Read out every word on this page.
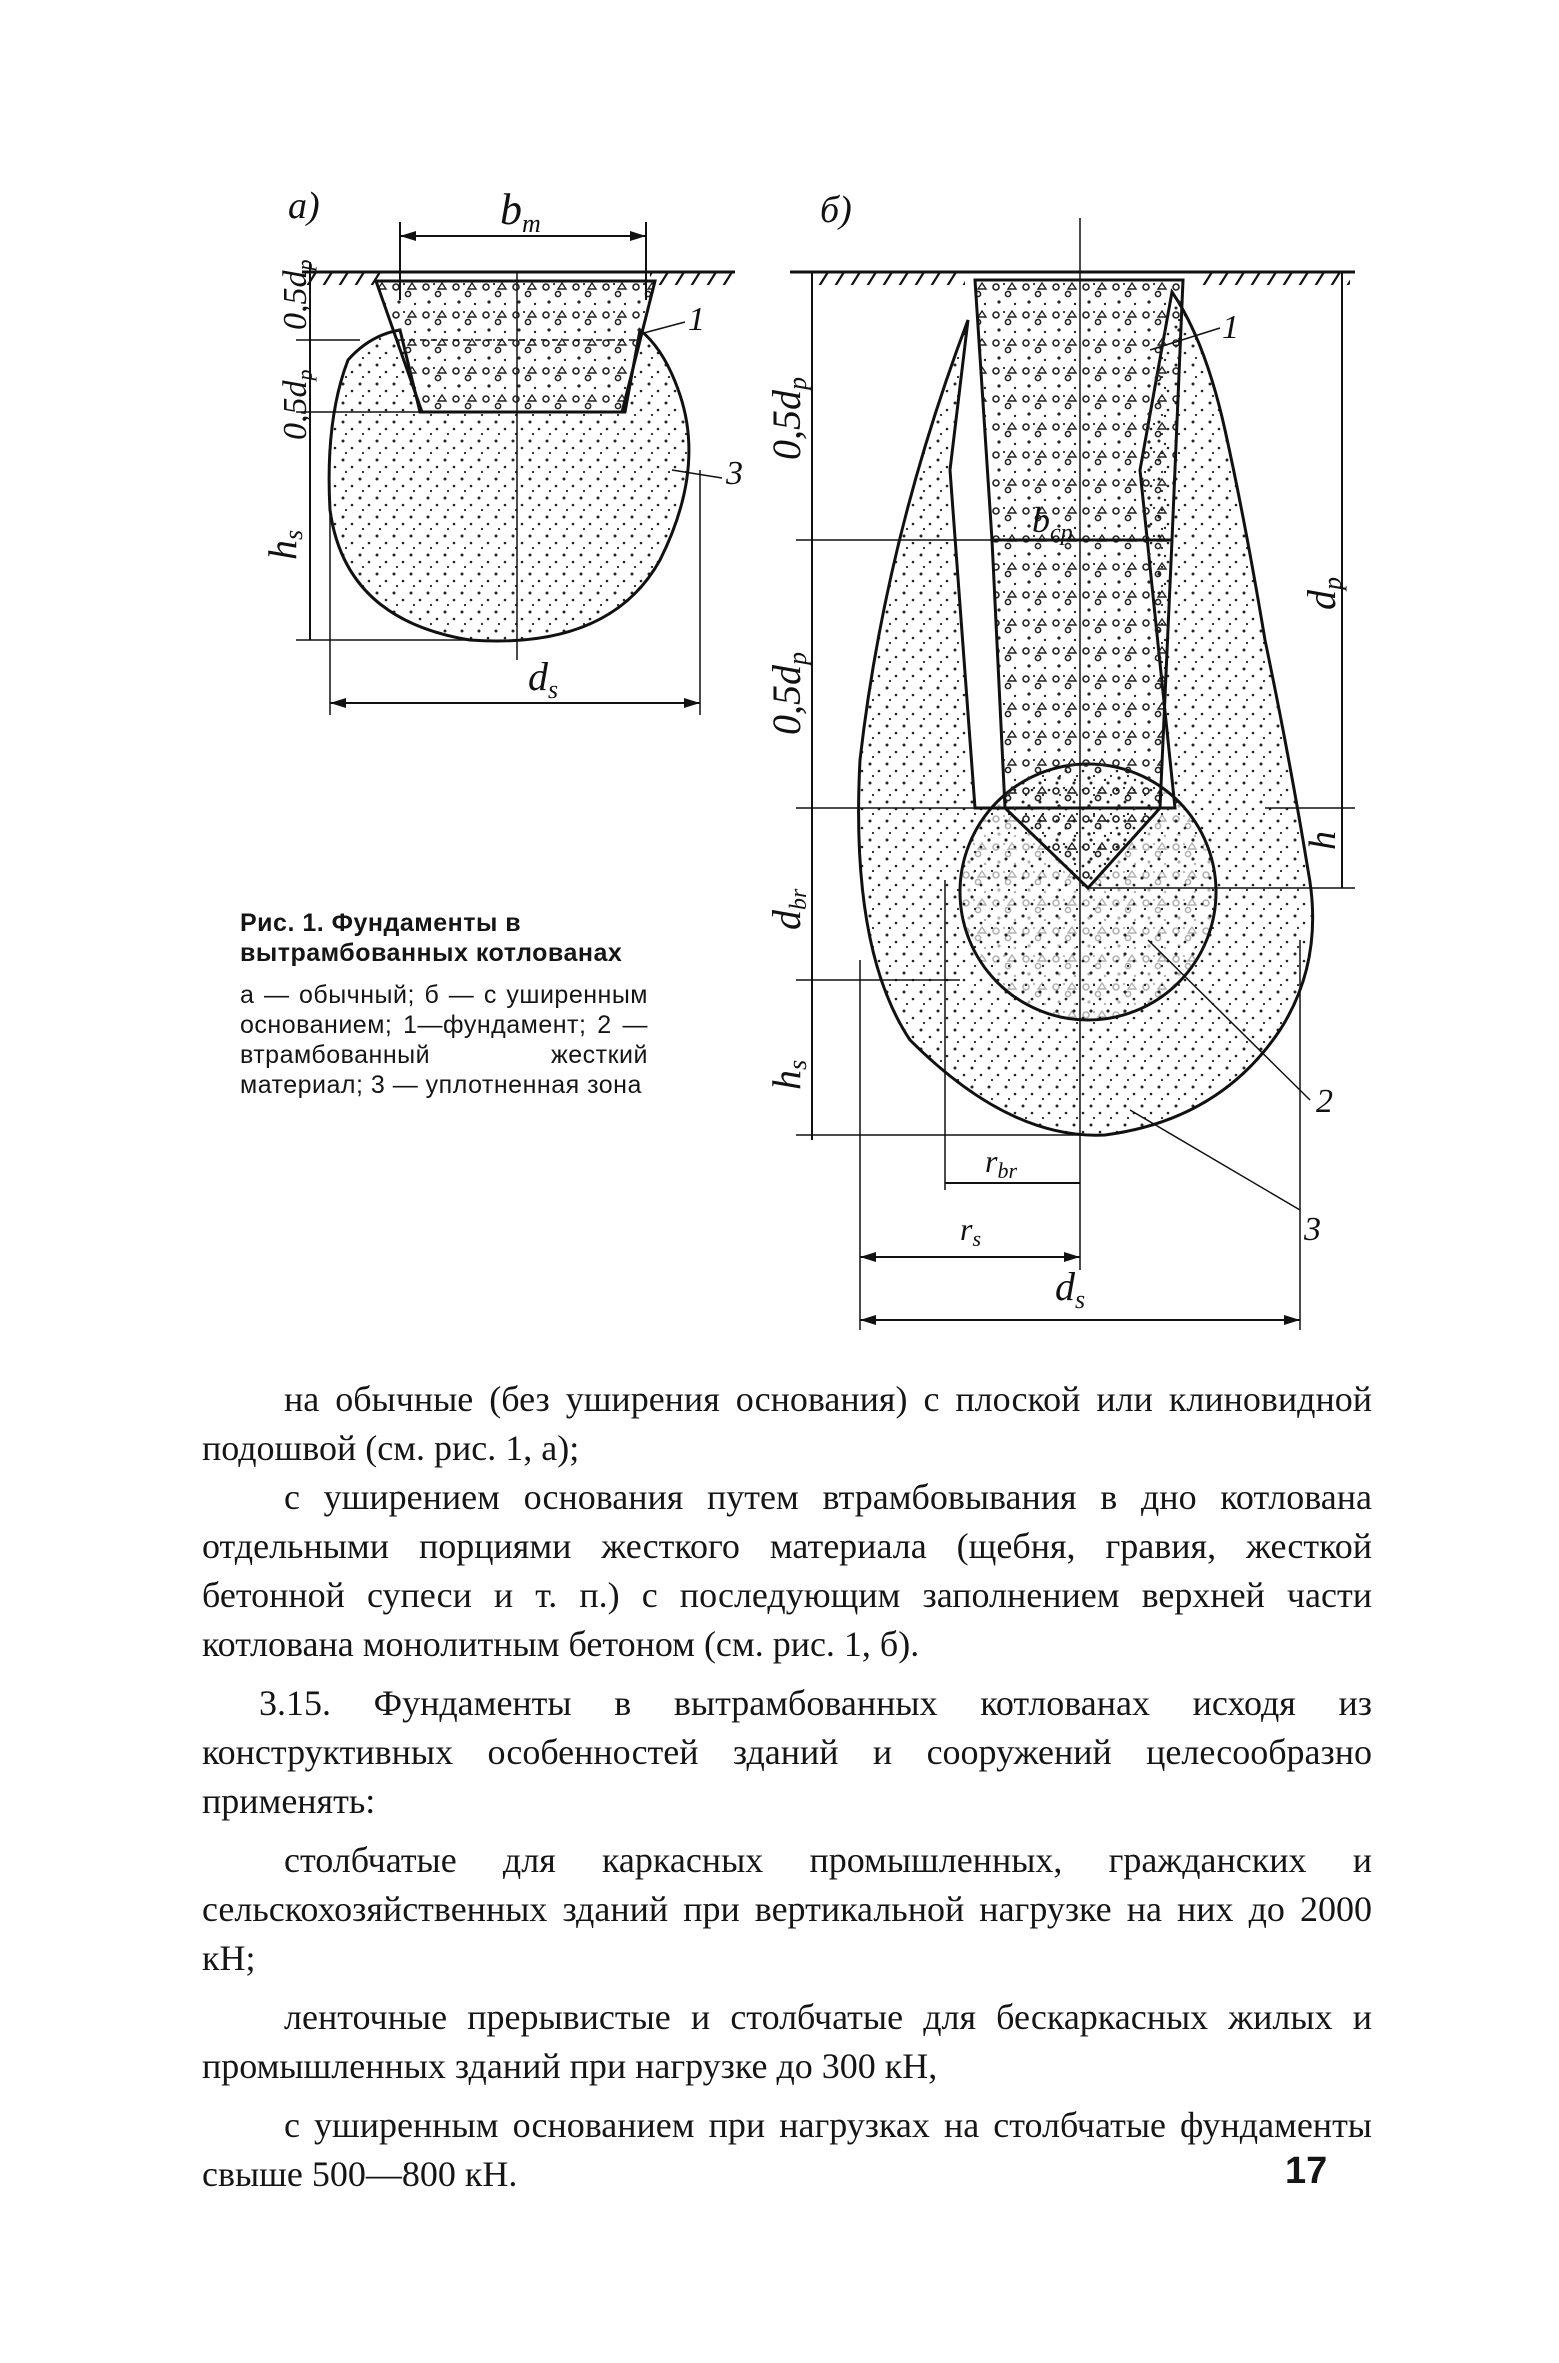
а)	bm
0,5dp
0,5dp
hs
$d_s$
1
3
б)
0,5dp
0,5dp
dbr
hs
dp
h
$b_{cp}$
rbr
rs
$d_s$
1
2
3

Рис. 1. Фундаменты в вытрамбованных котлованах

а — обычный; б — с уширенным основанием; 1—фундамент; 2 — втрамбованный жесткий материал; 3 — уплотненная зона

на обычные (без уширения основания) с плоской или клиновидной подошвой (см. рис. 1, а);

с уширением основания путем втрамбовывания в дно котлована отдельными порциями жесткого материала (щебня, гравия, жесткой бетонной супеси и т. п.) с последующим заполнением верхней части котлована монолитным бетоном (см. рис. 1, б).

3.15. Фундаменты в вытрамбованных котлованах исходя из конструктивных особенностей зданий и сооружений целесообразно применять:

столбчатые для каркасных промышленных, гражданских и сельскохозяйственных зданий при вертикальной нагрузке на них до 2000 кН;

ленточные прерывистые и столбчатые для бескаркасных жилых и промышленных зданий при нагрузке до 300 кН,

с уширенным основанием при нагрузках на столбчатые фундаменты свыше 500—800 кН.	17
